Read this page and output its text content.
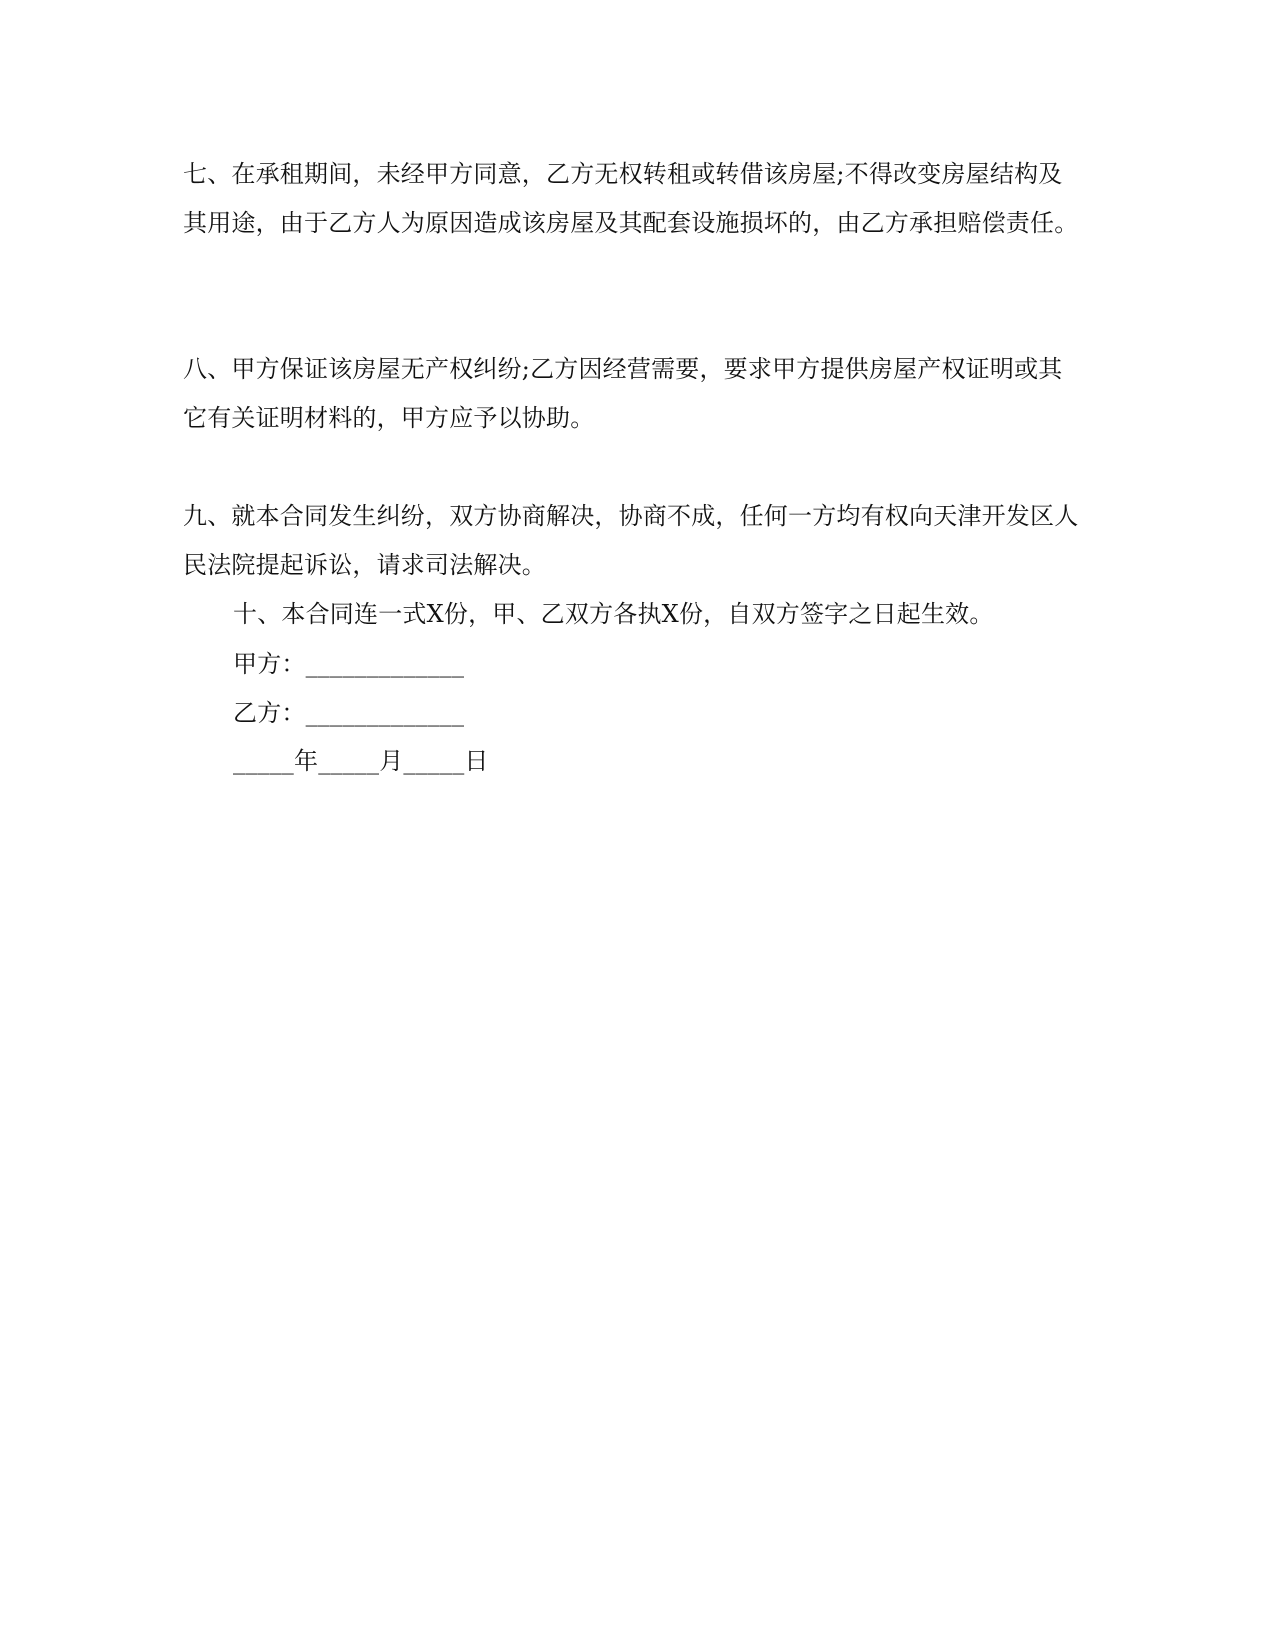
七、在承租期间，未经甲方同意，乙方无权转租或转借该房屋;不得改变房屋结构及其用途，由于乙方人为原因造成该房屋及其配套设施损坏的，由乙方承担赔偿责任。

八、甲方保证该房屋无产权纠纷;乙方因经营需要，要求甲方提供房屋产权证明或其它有关证明材料的，甲方应予以协助。

九、就本合同发生纠纷，双方协商解决，协商不成，任何一方均有权向天津开发区人民法院提起诉讼，请求司法解决。

十、本合同连一式X份，甲、乙双方各执X份，自双方签字之日起生效。

甲方：_____________

乙方：_____________

_____年_____月_____日
